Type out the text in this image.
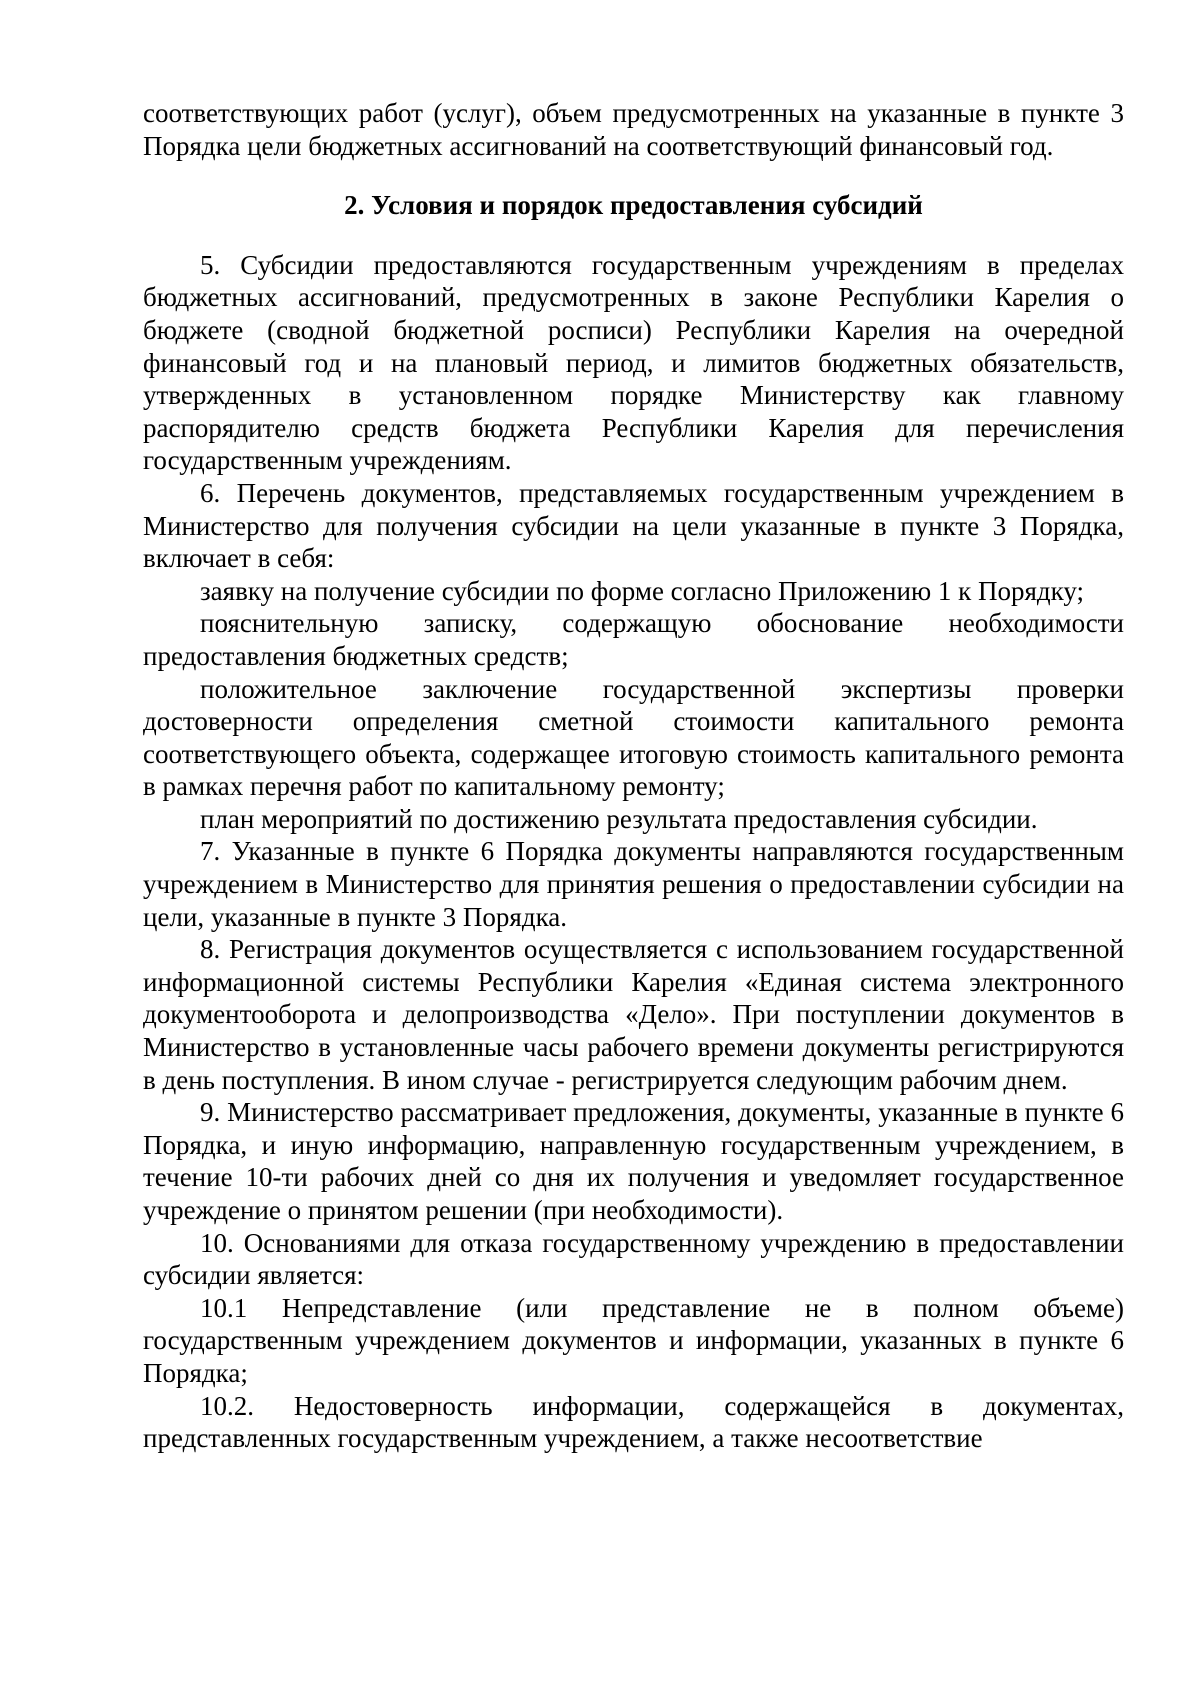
соответствующих работ (услуг), объем предусмотренных на указанные в пункте 3 Порядка цели бюджетных ассигнований на соответствующий финансовый год.

2. Условия и порядок предоставления субсидий

5. Субсидии предоставляются государственным учреждениям в пределах бюджетных ассигнований, предусмотренных в законе Республики Карелия о бюджете (сводной бюджетной росписи) Республики Карелия на очередной финансовый год и на плановый период, и лимитов бюджетных обязательств, утвержденных в установленном порядке Министерству как главному распорядителю средств бюджета Республики Карелия для перечисления государственным учреждениям.

6. Перечень документов, представляемых государственным учреждением в Министерство для получения субсидии на цели указанные в пункте 3 Порядка, включает в себя:

заявку на получение субсидии по форме согласно Приложению 1 к Порядку;

пояснительную записку, содержащую обоснование необходимости предоставления бюджетных средств;

положительное заключение государственной экспертизы проверки достоверности определения сметной стоимости капитального ремонта соответствующего объекта, содержащее итоговую стоимость капитального ремонта в рамках перечня работ по капитальному ремонту;

план мероприятий по достижению результата предоставления субсидии.

7. Указанные в пункте 6 Порядка документы направляются государственным учреждением в Министерство для принятия решения о предоставлении субсидии на цели, указанные в пункте 3 Порядка.

8. Регистрация документов осуществляется с использованием государственной информационной системы Республики Карелия «Единая система электронного документооборота и делопроизводства «Дело». При поступлении документов в Министерство в установленные часы рабочего времени документы регистрируются в день поступления. В ином случае - регистрируется следующим рабочим днем.

9. Министерство рассматривает предложения, документы, указанные в пункте 6 Порядка, и иную информацию, направленную государственным учреждением, в течение 10-ти рабочих дней со дня их получения и уведомляет государственное учреждение о принятом решении (при необходимости).

10. Основаниями для отказа государственному учреждению в предоставлении субсидии является:

10.1 Непредставление (или представление не в полном объеме) государственным учреждением документов и информации, указанных в пункте 6 Порядка;

10.2. Недостоверность информации, содержащейся в документах, представленных государственным учреждением, а также несоответствие
